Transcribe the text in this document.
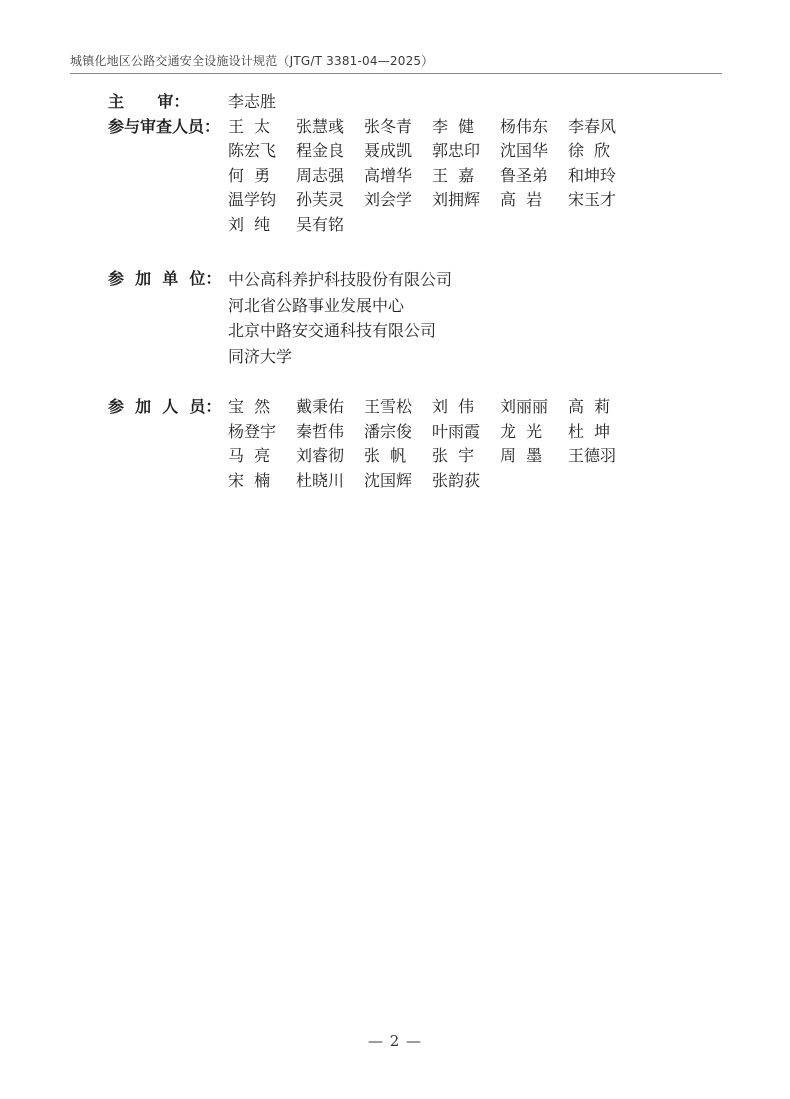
城镇化地区公路交通安全设施设计规范（JTG/T 3381-04—2025）
主      审：	李志胜
参与审查人员： 王  太	张慧彧	张冬青	李  健	杨伟东	李春风
陈宏飞	程金良	聂成凯	郭忠印	沈国华	徐  欣
何  勇	周志强	高增华	王  嘉	鲁圣弟	和坤玲
温学钧	孙芙灵	刘会学	刘拥辉	高  岩	宋玉才
刘  纯	吴有铭
参  加  单  位： 中公高科养护科技股份有限公司
河北省公路事业发展中心
北京中路安交通科技有限公司
同济大学
参  加  人  员： 宝  然	戴秉佑	王雪松	刘  伟	刘丽丽	高  莉
杨登宇	秦哲伟	潘宗俊	叶雨霞	龙  光	杜  坤
马  亮	刘睿彻	张  帆	张  宇	周  墨	王德羽
宋  楠	杜晓川	沈国辉	张韵荻
— 2 —
